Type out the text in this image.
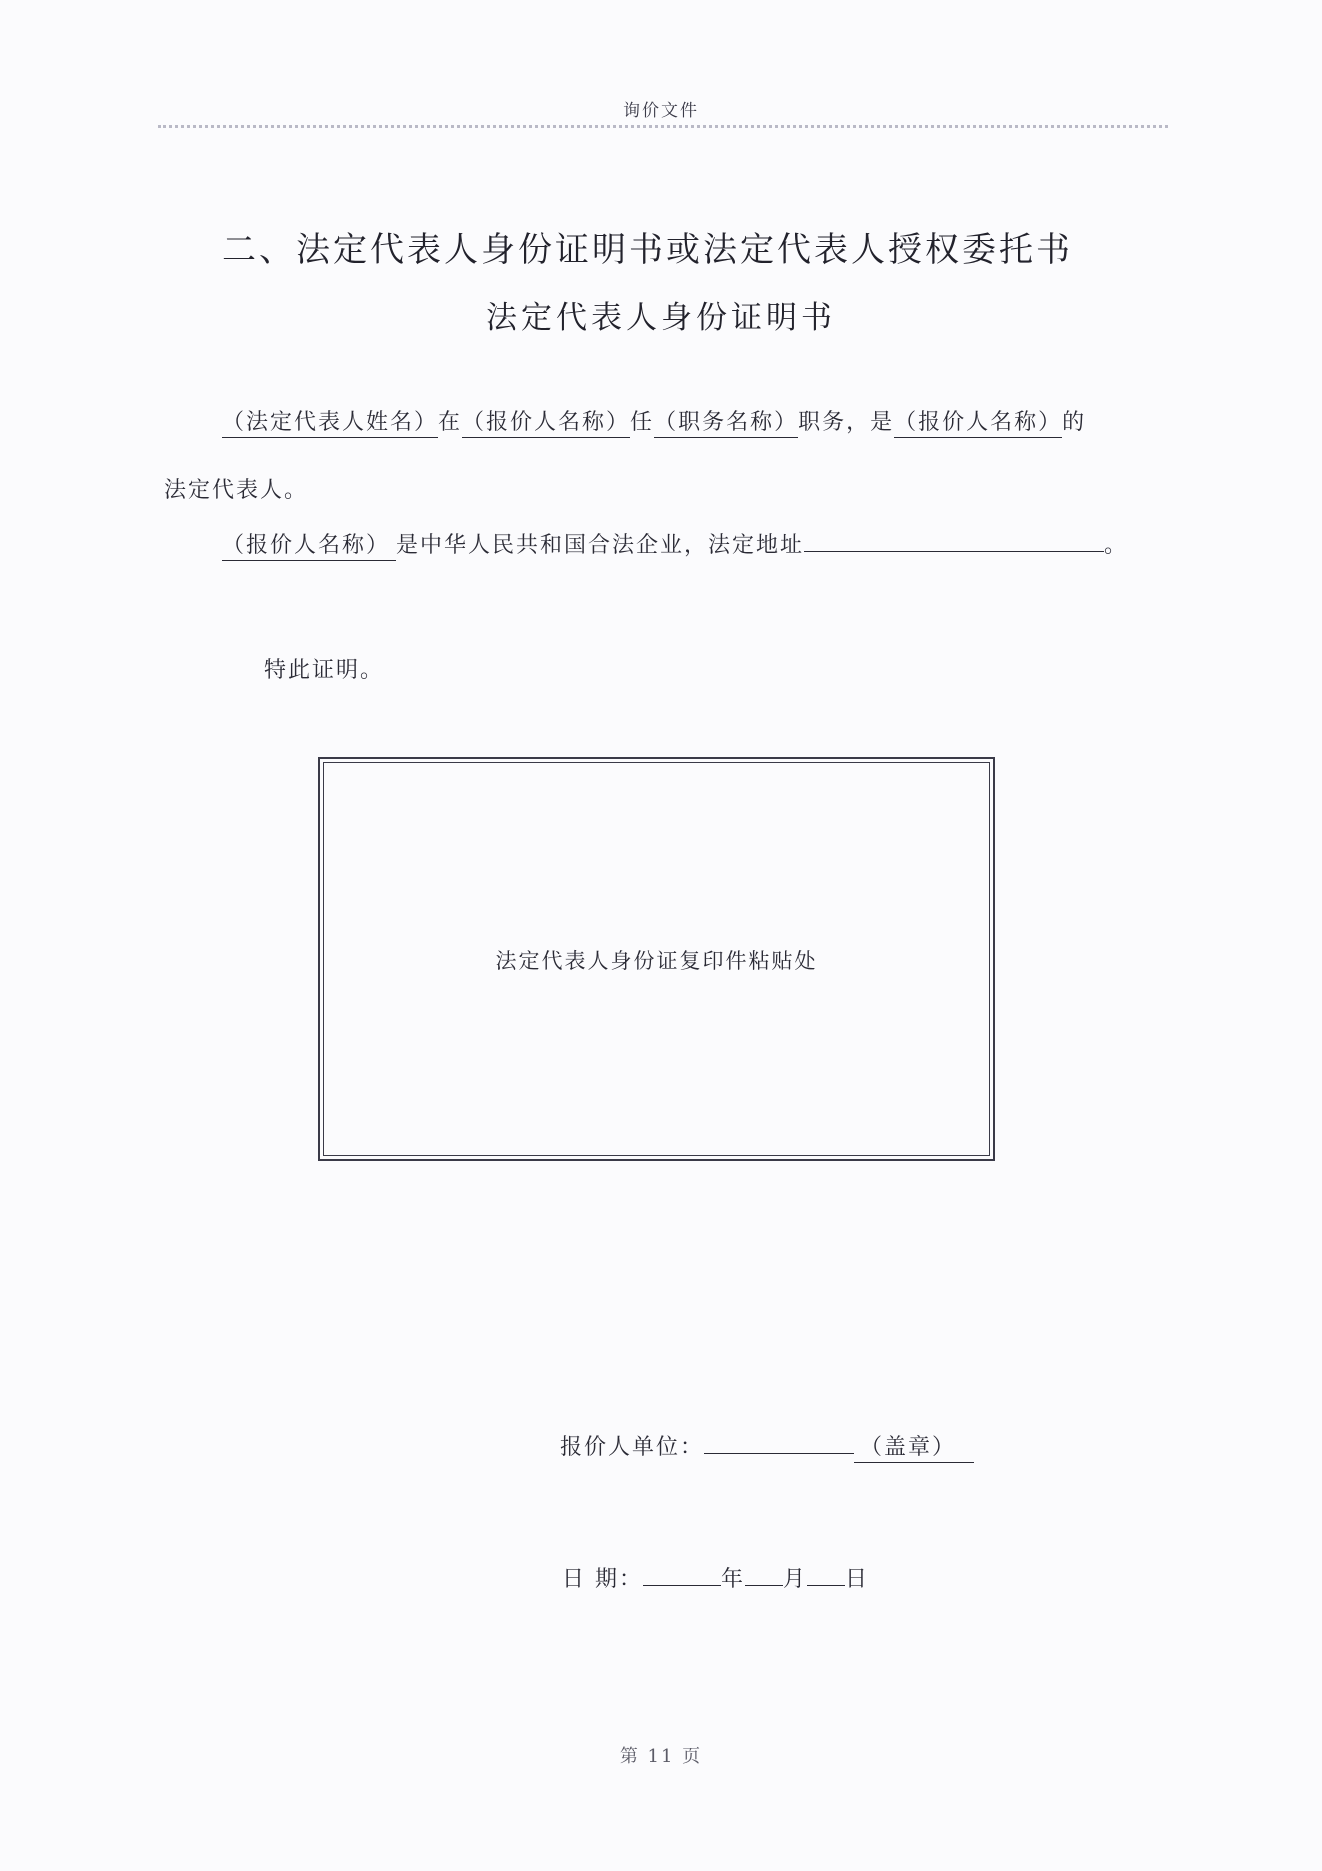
询价文件
二、法定代表人身份证明书或法定代表人授权委托书
法定代表人身份证明书
（法定代表人姓名）在（报价人名称）任（职务名称）职务，是（报价人名称）的
法定代表人。
（报价人名称） 是中华人民共和国合法企业，法定地址	。
特此证明。
法定代表人身份证复印件粘贴处
报价人单位：	（盖章）
日 期：	年 月 日
第 11 页
